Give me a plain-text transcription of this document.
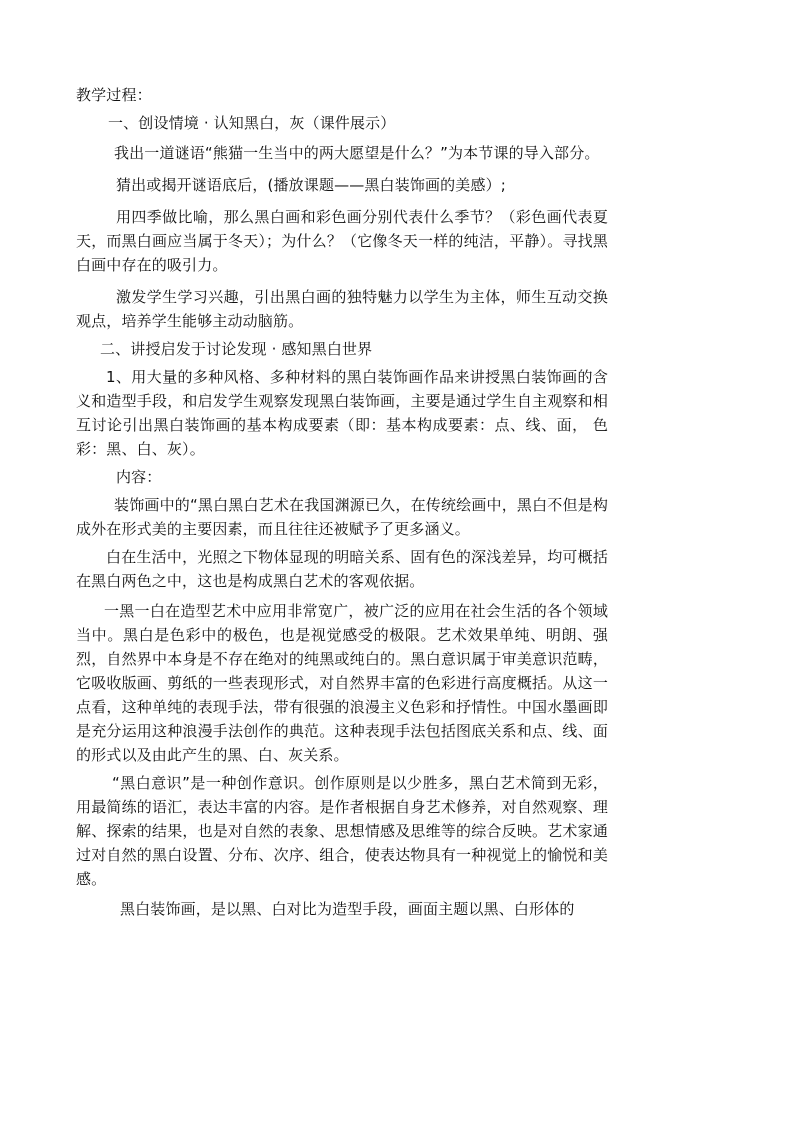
教学过程：

一、创设情境 · 认知黑白，灰（课件展示）

我出一道谜语“熊猫一生当中的两大愿望是什么？”为本节课的导入部分。

猜出或揭开谜语底后，(播放课题——黑白装饰画的美感）;

用四季做比喻，那么黑白画和彩色画分别代表什么季节？（彩色画代表夏天，而黑白画应当属于冬天）；为什么？（它像冬天一样的纯洁，平静）。寻找黑白画中存在的吸引力。

激发学生学习兴趣，引出黑白画的独特魅力以学生为主体，师生互动交换观点，培养学生能够主动动脑筋。

二、讲授启发于讨论发现 · 感知黑白世界

1、用大量的多种风格、多种材料的黑白装饰画作品来讲授黑白装饰画的含义和造型手段，和启发学生观察发现黑白装饰画，主要是通过学生自主观察和相互讨论引出黑白装饰画的基本构成要素（即：基本构成要素：点、线、面， 色彩：黑、白、灰）。

内容：

装饰画中的“黑白黑白艺术在我国渊源已久，在传统绘画中，黑白不但是构成外在形式美的主要因素，而且往往还被赋予了更多涵义。

白在生活中，光照之下物体显现的明暗关系、固有色的深浅差异，均可概括在黑白两色之中，这也是构成黑白艺术的客观依据。

一黑一白在造型艺术中应用非常宽广，被广泛的应用在社会生活的各个领域当中。黑白是色彩中的极色，也是视觉感受的极限。艺术效果单纯、明朗、强烈，自然界中本身是不存在绝对的纯黑或纯白的。黑白意识属于审美意识范畴，它吸收版画、剪纸的一些表现形式，对自然界丰富的色彩进行高度概括。从这一点看，这种单纯的表现手法，带有很强的浪漫主义色彩和抒情性。中国水墨画即是充分运用这种浪漫手法创作的典范。这种表现手法包括图底关系和点、线、面的形式以及由此产生的黑、白、灰关系。

“黑白意识”是一种创作意识。创作原则是以少胜多，黑白艺术简到无彩，用最简练的语汇，表达丰富的内容。是作者根据自身艺术修养，对自然观察、理解、探索的结果，也是对自然的表象、思想情感及思维等的综合反映。艺术家通过对自然的黑白设置、分布、次序、组合，使表达物具有一种视觉上的愉悦和美感。

黑白装饰画，是以黑、白对比为造型手段，画面主题以黑、白形体的
